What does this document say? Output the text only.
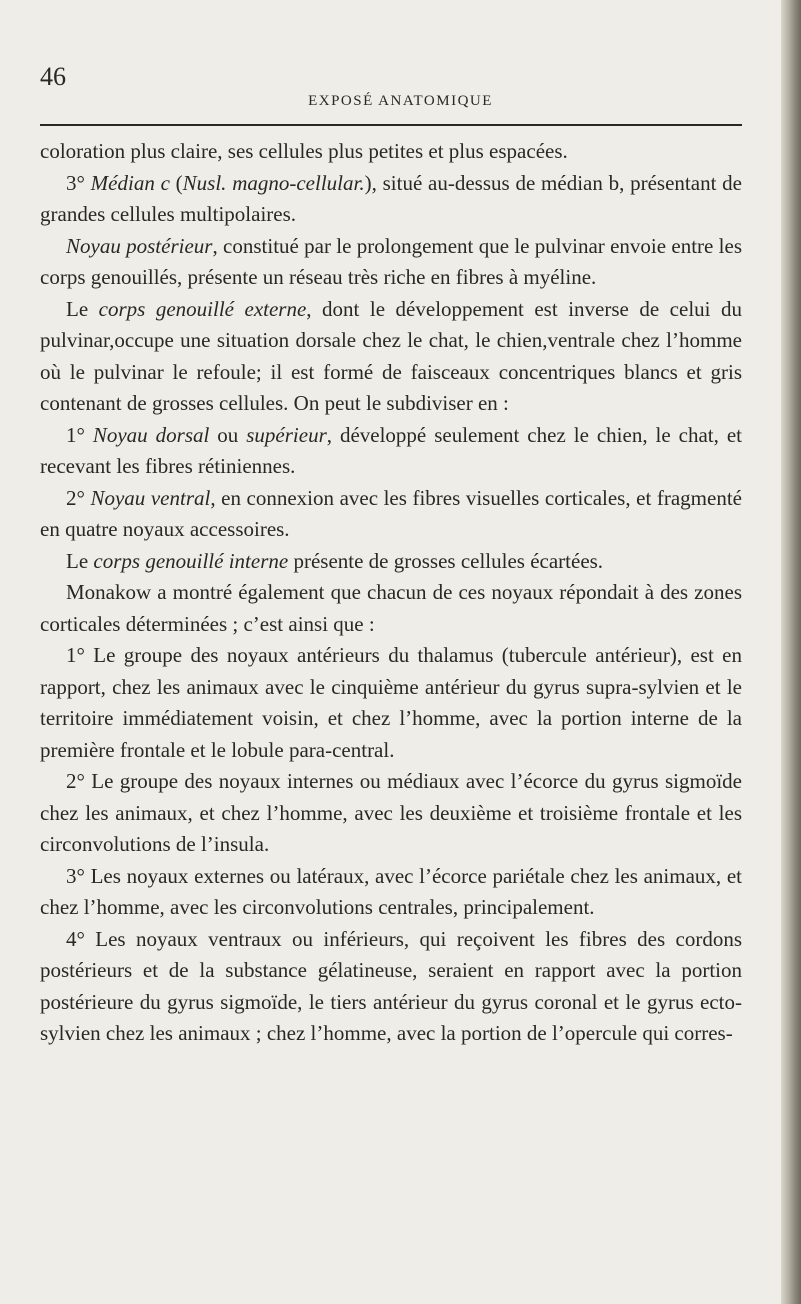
46
EXPOSÉ ANATOMIQUE

coloration plus claire, ses cellules plus petites et plus espacées.

3° Médian c (Nusl. magno-cellular.), situé au-dessus de médian b, présentant de grandes cellules multipolaires.

Noyau postérieur, constitué par le prolongement que le pulvinar envoie entre les corps genouillés, présente un réseau très riche en fibres à myéline.

Le corps genouillé externe, dont le développement est inverse de celui du pulvinar,occupe une situation dorsale chez le chat, le chien,ventrale chez l’homme où le pulvinar le refoule; il est formé de faisceaux concentriques blancs et gris contenant de grosses cellules. On peut le subdiviser en :

1° Noyau dorsal ou supérieur, développé seulement chez le chien, le chat, et recevant les fibres rétiniennes.

2° Noyau ventral, en connexion avec les fibres visuelles corticales, et fragmenté en quatre noyaux accessoires.

Le corps genouillé interne présente de grosses cellules écartées.

Monakow a montré également que chacun de ces noyaux répondait à des zones corticales déterminées ; c’est ainsi que :

1° Le groupe des noyaux antérieurs du thalamus (tubercule antérieur), est en rapport, chez les animaux avec le cinquième antérieur du gyrus supra-sylvien et le territoire immédiatement voisin, et chez l’homme, avec la portion interne de la première frontale et le lobule para-central.

2° Le groupe des noyaux internes ou médiaux avec l’écorce du gyrus sigmoïde chez les animaux, et chez l’homme, avec les deuxième et troisième frontale et les circonvolutions de l’insula.

3° Les noyaux externes ou latéraux, avec l’écorce pariétale chez les animaux, et chez l’homme, avec les circonvolutions centrales, principalement.

4° Les noyaux ventraux ou inférieurs, qui reçoivent les fibres des cordons postérieurs et de la substance gélatineuse, seraient en rapport avec la portion postérieure du gyrus sigmoïde, le tiers antérieur du gyrus coronal et le gyrus ecto-sylvien chez les animaux ; chez l’homme, avec la portion de l’opercule qui corres-
